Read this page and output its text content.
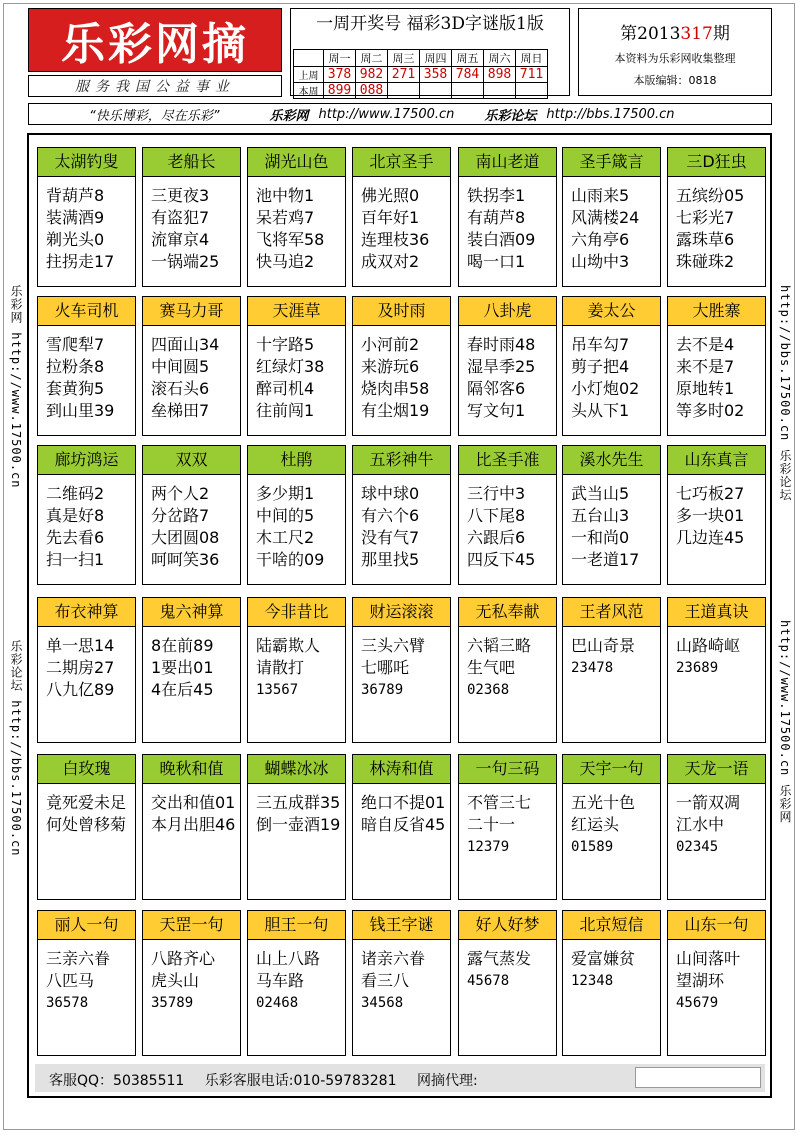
乐彩网摘
服务我国公益事业
一周开奖号 福彩3D字谜版1版
	周一	周二	周三	周四	周五	周六	周日
上周	378	982	271	358	784	898	711
本周	899	088					
第2013317期
本资料为乐彩网收集整理
本版编辑：0818
“快乐博彩，尽在乐彩”	乐彩网 http://www.17500.cn 乐彩论坛 http://bbs.17500.cn
乐彩网 http://www.17500.cn
乐彩论坛 http://bbs.17500.cn
http://bbs.17500.cn 乐彩论坛
http://www.17500.cn 乐彩网
太湖钓叟
背葫芦8
装满酒9
剃光头0
拄拐走17
老船长
三更夜3
有盗犯7
流窜京4
一锅端25
湖光山色
池中物1
呆若鸡7
飞将军58
快马追2
北京圣手
佛光照0
百年好1
连理枝36
成双对2
南山老道
铁拐李1
有葫芦8
装白酒09
喝一口1
圣手箴言
山雨来5
风满楼24
六角亭6
山坳中3
三D狂虫
五缤纷05
七彩光7
露珠草6
珠碰珠2
火车司机
雪爬犁7
拉粉条8
套黄狗5
到山里39
赛马力哥
四面山34
中间圆5
滚石头6
垒梯田7
天涯草
十字路5
红绿灯38
醉司机4
往前闯1
及时雨
小河前2
来游玩6
烧肉串58
有尘烟19
八卦虎
春时雨48
湿旱季25
隔邻客6
写文句1
姜太公
吊车勾7
剪子把4
小灯炮02
头从下1
大胜寨
去不是4
来不是7
原地转1
等多时02
廊坊鸿运
二维码2
真是好8
先去看6
扫一扫1
双双
两个人2
分岔路7
大团圆08
呵呵笑36
杜鹃
多少期1
中间的5
木工尺2
干啥的09
五彩神牛
球中球0
有六个6
没有气7
那里找5
比圣手准
三行中3
八下尾8
六跟后6
四反下45
溪水先生
武当山5
五台山3
一和尚0
一老道17
山东真言
七巧板27
多一块01
几边连45
布衣神算
单一思14
二期房27
八九亿89
鬼六神算
8在前89
1要出01
4在后45
今非昔比
陆霸欺人
请散打
13567
财运滚滚
三头六臂
七哪吒
36789
无私奉献
六韬三略
生气吧
02368
王者风范
巴山奇景
23478
王道真诀
山路崎岖
23689
白玫瑰
竟死爱未足
何处曾移菊
晚秋和值
交出和值01
本月出胆46
蝴蝶冰冰
三五成群35
倒一壶酒19
林涛和值
绝口不提01
暗自反省45
一句三码
不管三七
二十一
12379
天宇一句
五光十色
红运头
01589
天龙一语
一箭双凋
江水中
02345
丽人一句
三亲六眷
八匹马
36578
天罡一句
八路齐心
虎头山
35789
胆王一句
山上八路
马车路
02468
钱王字谜
诸亲六眷
看三八
34568
好人好梦
露气蒸发
45678
北京短信
爱富嫌贫
12348
山东一句
山间落叶
望湖环
45679
客服QQ：50385511 乐彩客服电话:010-59783281 网摘代理:
